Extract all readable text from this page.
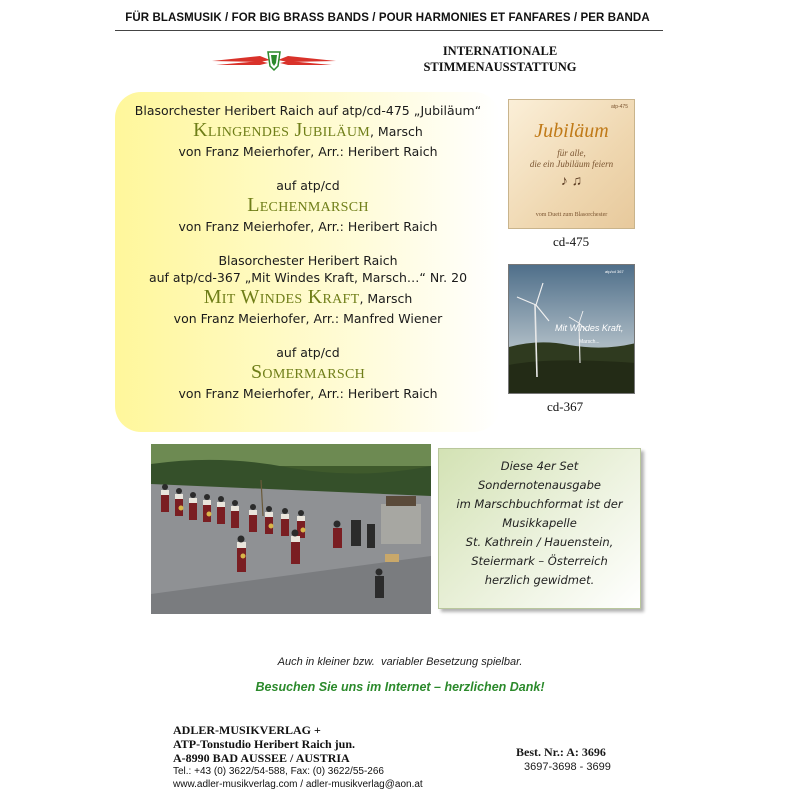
FÜR BLASMUSIK / FOR BIG BRASS BANDS / POUR HARMONIES ET FANFARES / PER BANDA
INTERNATIONALE
STIMMENAUSSTATTUNG
Blasorchester Heribert Raich auf atp/cd-475 „Jubiläum“
Klingendes Jubiläum, Marsch
von Franz Meierhofer, Arr.: Heribert Raich
auf atp/cd
Lechenmarsch
von Franz Meierhofer, Arr.: Heribert Raich
Blasorchester Heribert Raich
auf atp/cd-367 „Mit Windes Kraft, Marsch…“ Nr. 20
Mit Windes Kraft, Marsch
von Franz Meierhofer, Arr.: Manfred Wiener
auf atp/cd
Somermarsch
von Franz Meierhofer, Arr.: Heribert Raich
atp-475
Jubiläum
für alle,
die ein Jubiläum feiern
♪ ♫
vom Duett zum Blasorchester
cd-475
Mit Windes Kraft,
Marsch...
atp/cd 367
cd-367
Diese 4er Set
Sondernotenausgabe
im Marschbuchformat ist der
Musikkapelle
St. Kathrein / Hauenstein,
Steiermark – Österreich
herzlich gewidmet.
Auch in kleiner bzw.  variabler Besetzung spielbar.
Besuchen Sie uns im Internet – herzlichen Dank!
ADLER-MUSIKVERLAG +
ATP-Tonstudio Heribert Raich jun.
A-8990 BAD AUSSEE / AUSTRIA
Tel.: +43 (0) 3622/54-588, Fax: (0) 3622/55-266
www.adler-musikverlag.com / adler-musikverlag@aon.at
Best. Nr.: A: 3696
3697-3698 - 3699
